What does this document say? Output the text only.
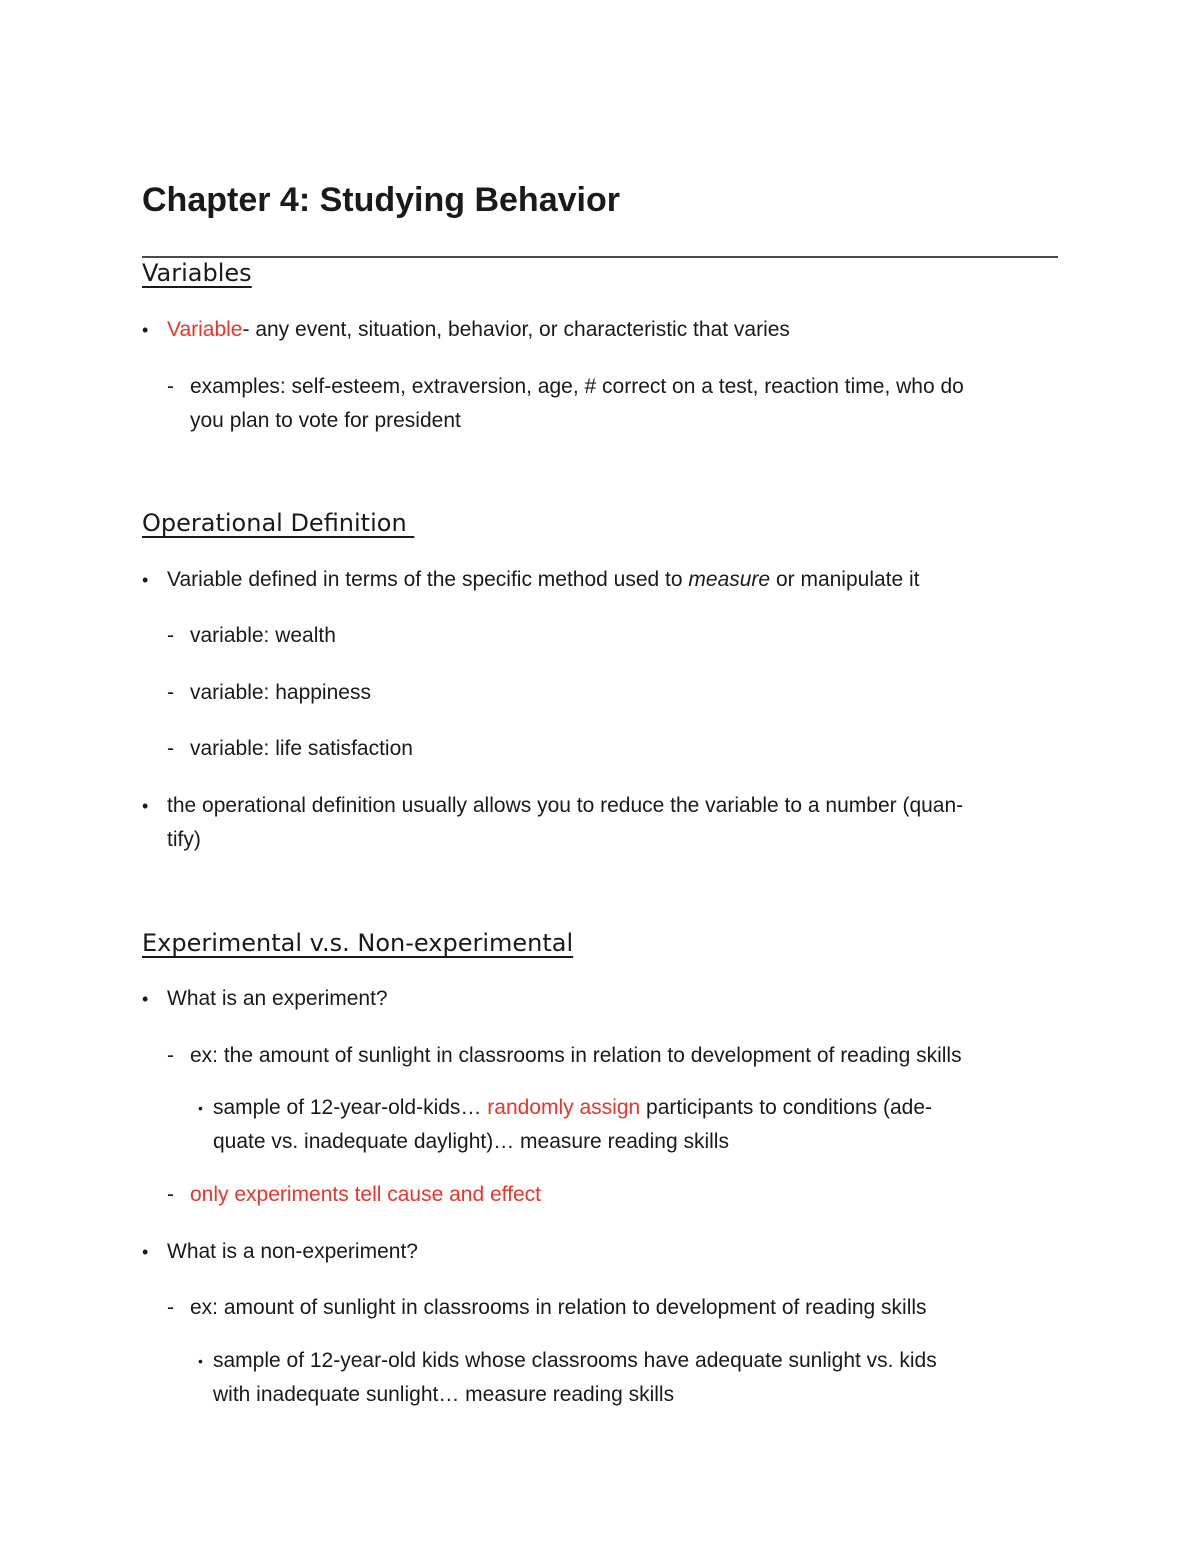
Chapter 4: Studying Behavior
Variables
• Variable- any event, situation, behavior, or characteristic that varies
- examples: self-esteem, extraversion, age, # correct on a test, reaction time, who do
you plan to vote for president
Operational Definition
• Variable defined in terms of the specific method used to measure or manipulate it
- variable: wealth
- variable: happiness
- variable: life satisfaction
• the operational definition usually allows you to reduce the variable to a number (quan-
tify)
Experimental v.s. Non-experimental
• What is an experiment?
- ex: the amount of sunlight in classrooms in relation to development of reading skills
• sample of 12-year-old-kids… randomly assign participants to conditions (ade-
quate vs. inadequate daylight)… measure reading skills
- only experiments tell cause and effect
• What is a non-experiment?
- ex: amount of sunlight in classrooms in relation to development of reading skills
• sample of 12-year-old kids whose classrooms have adequate sunlight vs. kids
with inadequate sunlight… measure reading skills
